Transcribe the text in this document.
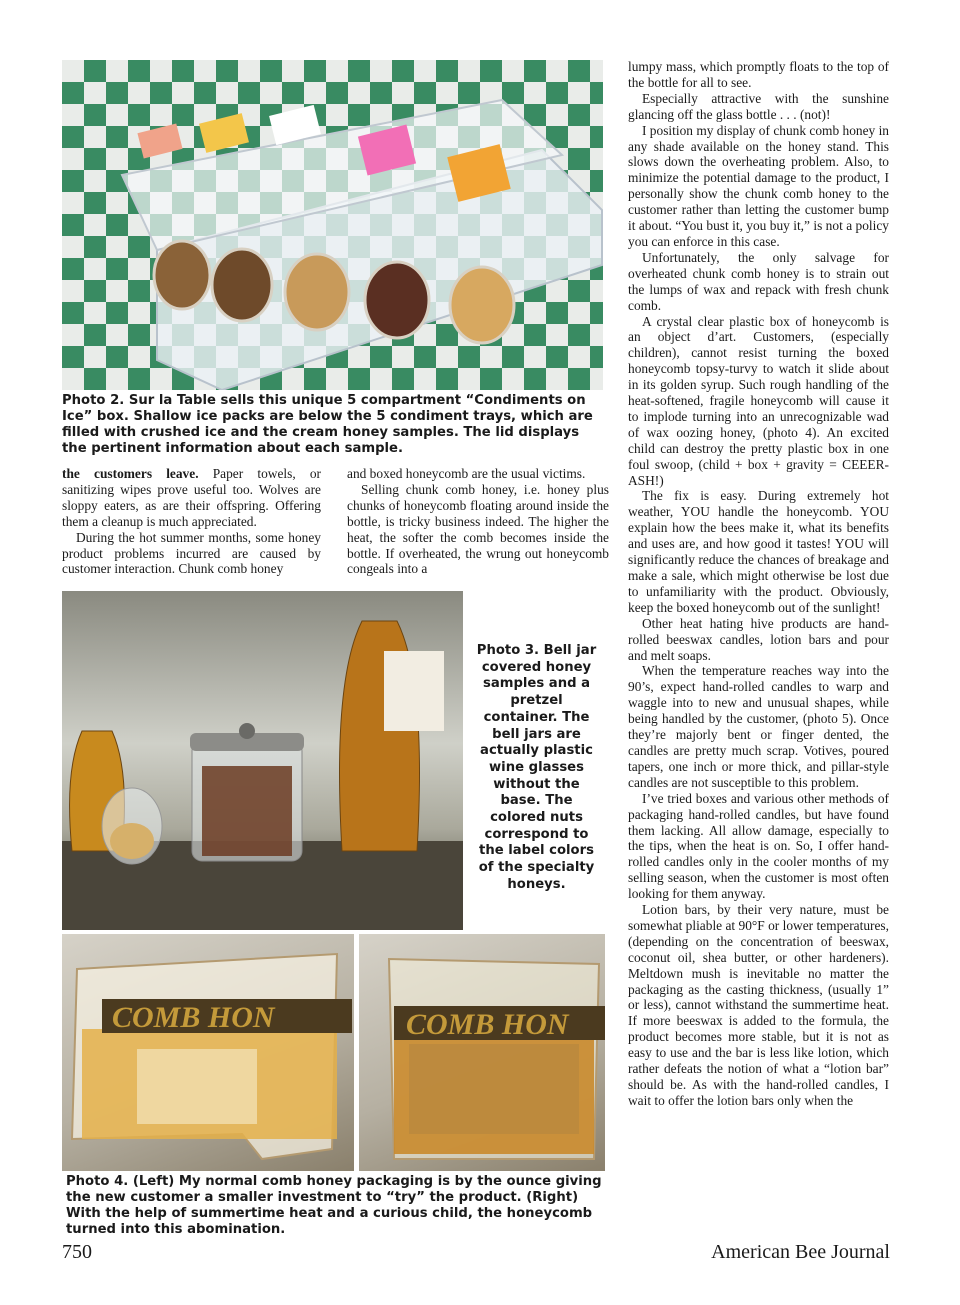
Photo 2. Sur la Table sells this unique 5 compartment “Condiments on Ice” box. Shallow ice packs are below the 5 condiment trays, which are filled with crushed ice and the cream honey samples. The lid displays the pertinent information about each sample.

the customers leave. Paper towels, or sanitizing wipes prove useful too. Wolves are sloppy eaters, as are their offspring. Offering them a cleanup is much appreciated.

During the hot summer months, some honey product problems incurred are caused by customer interaction. Chunk comb honey

and boxed honeycomb are the usual victims.

Selling chunk comb honey, i.e. honey plus chunks of honeycomb floating around inside the bottle, is tricky business indeed. The higher the heat, the softer the comb becomes inside the bottle. If overheated, the wrung out honeycomb congeals into a

Photo 3. Bell jar covered honey samples and a pretzel container. The bell jars are actually plastic wine glasses without the base. The colored nuts correspond to the label colors of the specialty honeys.
COMB HON	COMB HON
Photo 4. (Left) My normal comb honey packaging is by the ounce giving the new customer a smaller investment to “try” the product. (Right) With the help of summertime heat and a curious child, the honeycomb turned into this abomination.

lumpy mass, which promptly floats to the top of the bottle for all to see.

Especially attractive with the sunshine glancing off the glass bottle . . . (not)!

I position my display of chunk comb honey in any shade available on the honey stand. This slows down the overheating problem. Also, to minimize the potential damage to the product, I personally show the chunk comb honey to the customer rather than letting the customer bump it about. “You bust it, you buy it,” is not a policy you can enforce in this case.

Unfortunately, the only salvage for overheated chunk comb honey is to strain out the lumps of wax and repack with fresh chunk comb.

A crystal clear plastic box of honeycomb is an object d’art. Customers, (especially children), cannot resist turning the boxed honeycomb topsy-turvy to watch it slide about in its golden syrup. Such rough handling of the heat-softened, fragile honeycomb will cause it to implode turning into an unrecognizable wad of wax oozing honey, (photo 4). An excited child can destroy the pretty plastic box in one foul swoop, (child + box + gravity = CEEER-ASH!)

The fix is easy. During extremely hot weather, YOU handle the honeycomb. YOU explain how the bees make it, what its benefits and uses are, and how good it tastes! YOU will significantly reduce the chances of breakage and make a sale, which might otherwise be lost due to unfamiliarity with the product. Obviously, keep the boxed honeycomb out of the sunlight!

Other heat hating hive products are hand-rolled beeswax candles, lotion bars and pour and melt soaps.

When the temperature reaches way into the 90’s, expect hand-rolled candles to warp and waggle into to new and unusual shapes, while being handled by the customer, (photo 5). Once they’re majorly bent or finger dented, the candles are pretty much scrap. Votives, poured tapers, one inch or more thick, and pillar-style candles are not susceptible to this problem.

I’ve tried boxes and various other methods of packaging hand-rolled candles, but have found them lacking. All allow damage, especially to the tips, when the heat is on. So, I offer hand-rolled candles only in the cooler months of my selling season, when the customer is most often looking for them anyway.

Lotion bars, by their very nature, must be somewhat pliable at 90°F or lower temperatures, (depending on the concentration of beeswax, coconut oil, shea butter, or other hardeners). Meltdown mush is inevitable no matter the packaging as the casting thickness, (usually 1” or less), cannot withstand the summertime heat. If more beeswax is added to the formula, the product becomes more stable, but it is not as easy to use and the bar is less like lotion, which rather defeats the notion of what a “lotion bar” should be. As with the hand-rolled candles, I wait to offer the lotion bars only when the

750	American Bee Journal
